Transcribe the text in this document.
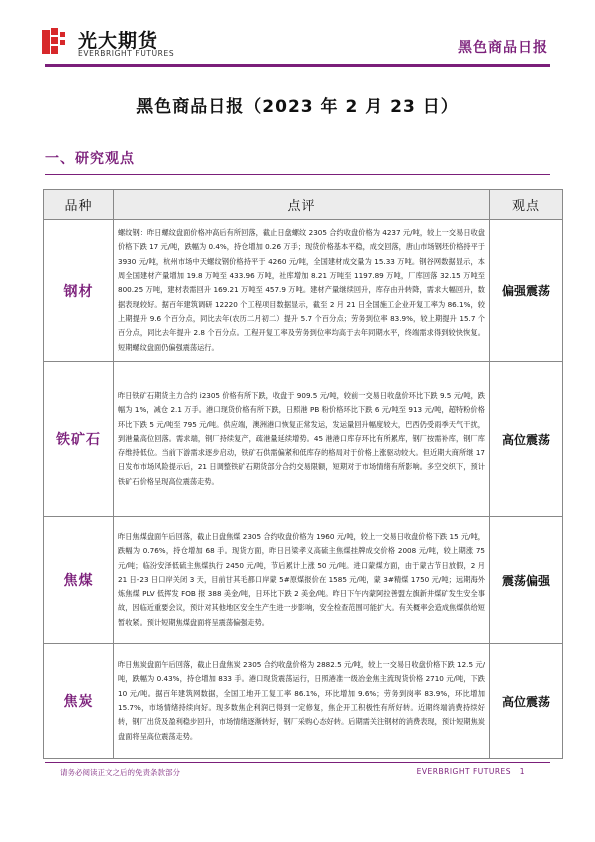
光大期货
EVERBRIGHT FUTURES	黑色商品日报
黑色商品日报（2023 年 2 月 23 日）
一、研究观点
品种	点评	观点
钢材	螺纹钢：昨日螺纹盘面价格冲高后有所回落，截止日盘螺纹 2305 合约收盘价格为 4237 元/吨，较上一交易日收盘价格下跌 17 元/吨，跌幅为 0.4%，持仓增加 0.26 万手；现货价格基本平稳，成交回落，唐山市场钢坯价格持平于 3930 元/吨，杭州市场中天螺纹钢价格持平于 4260 元/吨，全国建材成交量为 15.33 万吨。钢谷网数据显示，本周全国建材产量增加 19.8 万吨至 433.96 万吨，社库增加 8.21 万吨至 1197.89 万吨，厂库回落 32.15 万吨至 800.25 万吨，建材表需回升 169.21 万吨至 457.9 万吨。建材产量继续回升，库存由升转降，需求大幅回升，数据表现较好。据百年建筑调研 12220 个工程项目数据显示，截至 2 月 21 日全国施工企业开复工率为 86.1%，较上期提升 9.6 个百分点，同比去年(农历二月初二）提升 5.7 个百分点；劳务到位率 83.9%，较上期提升 15.7 个百分点，同比去年提升 2.8 个百分点。工程开复工率及劳务到位率均高于去年同期水平，终端需求得到较快恢复。短期螺纹盘面仍偏强震荡运行。	偏强震荡
铁矿石	昨日铁矿石期货主力合约 i2305 价格有所下跌，收盘于 909.5 元/吨，较前一交易日收盘价环比下跌 9.5 元/吨，跌幅为 1%，减仓 2.1 万手。港口现货价格有所下跌，日照港 PB 粉价格环比下跌 6 元/吨至 913 元/吨，超特粉价格环比下跌 5 元/吨至 795 元/吨。供应端，澳洲港口恢复正常发运，发运量回升幅度较大，巴西仍受雨季天气干扰，到港量高位回落。需求端，钢厂持续复产，疏港量延续增势。45 港港口库存环比有所累库，钢厂按需补库，钢厂库存维持低位。当前下游需求逐步启动，铁矿石供需偏紧和低库存的格局对于价格上涨驱动较大。但近期大商所继 17 日发布市场风险提示后，21 日调整铁矿石期货部分合约交易限额，短期对于市场情绪有所影响。多空交织下，预计铁矿石价格呈现高位震荡走势。	高位震荡
焦煤	昨日焦煤盘面午后回落，截止日盘焦煤 2305 合约收盘价格为 1960 元/吨，较上一交易日收盘价格下跌 15 元/吨，跌幅为 0.76%，持仓增加 68 手。现货方面，昨日吕梁孝义高硫主焦煤挂牌成交价格 2008 元/吨，较上期涨 75 元/吨；临汾安泽低硫主焦煤执行 2450 元/吨，节后累计上涨 50 元/吨。进口蒙煤方面，由于蒙古节日放假，2 月 21 日-23 日口岸关闭 3 天，目前甘其毛都口岸蒙 5#原煤报价在 1585 元/吨，蒙 3#精煤 1750 元/吨；远期海外炼焦煤 PLV 低挥发 FOB 报 388 美金/吨，日环比下跌 2 美金/吨。昨日下午内蒙阿拉善盟左旗新井煤矿发生安全事故，因临近重要会议，预计对其他地区安全生产生进一步影响，安全检查范围可能扩大。有关概率会造成焦煤供给短暂收紧。预计短期焦煤盘面将呈震荡偏强走势。	震荡偏强
焦炭	昨日焦炭盘面午后回落，截止日盘焦炭 2305 合约收盘价格为 2882.5 元/吨，较上一交易日收盘价格下跌 12.5 元/吨，跌幅为 0.43%，持仓增加 833 手。港口现货震荡运行，日照港准一级冶金焦主流现货价格 2710 元/吨，下跌 10 元/吨。据百年建筑网数据，全国工地开工复工率 86.1%，环比增加 9.6%；劳务到岗率 83.9%，环比增加 15.7%，市场情绪持续向好。现多数焦企利润已得到一定修复，焦企开工积极性有所好转。近期终端消费持续好转，钢厂出货及盈利稳步回升，市场情绪逐渐转好，钢厂采购心态好转。后期需关注钢材的消费表现，预计短期焦炭盘面将呈高位震荡走势。	高位震荡
请务必阅读正文之后的免责条款部分	EVERBRIGHT FUTURES 1
